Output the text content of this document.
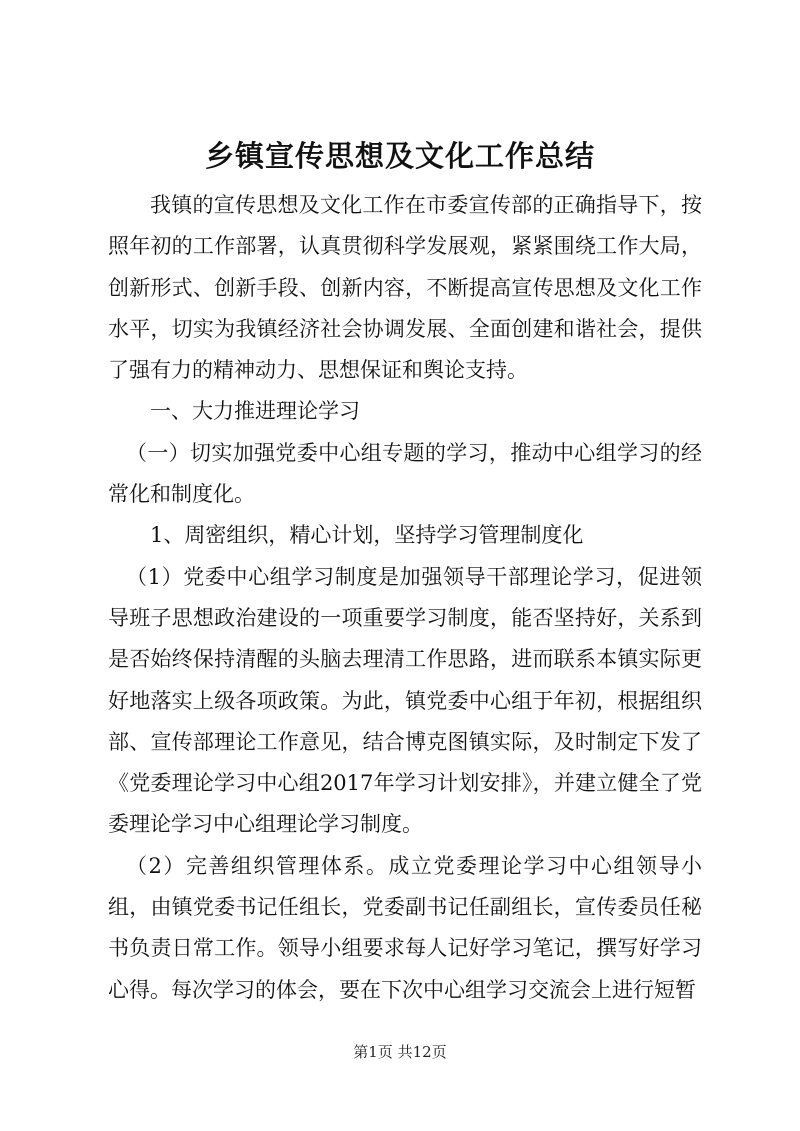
乡镇宣传思想及文化工作总结

我镇的宣传思想及文化工作在市委宣传部的正确指导下，按照年初的工作部署，认真贯彻科学发展观，紧紧围绕工作大局，创新形式、创新手段、创新内容，不断提高宣传思想及文化工作水平，切实为我镇经济社会协调发展、全面创建和谐社会，提供了强有力的精神动力、思想保证和舆论支持。

一、大力推进理论学习

（一）切实加强党委中心组专题的学习，推动中心组学习的经常化和制度化。

1、周密组织，精心计划，坚持学习管理制度化

（1）党委中心组学习制度是加强领导干部理论学习，促进领导班子思想政治建设的一项重要学习制度，能否坚持好，关系到是否始终保持清醒的头脑去理清工作思路，进而联系本镇实际更好地落实上级各项政策。为此，镇党委中心组于年初，根据组织部、宣传部理论工作意见，结合博克图镇实际，及时制定下发了《党委理论学习中心组2017年学习计划安排》，并建立健全了党委理论学习中心组理论学习制度。

（2）完善组织管理体系。成立党委理论学习中心组领导小组，由镇党委书记任组长，党委副书记任副组长，宣传委员任秘书负责日常工作。领导小组要求每人记好学习笔记，撰写好学习心得。每次学习的体会，要在下次中心组学习交流会上进行短暂

第1页 共12页
